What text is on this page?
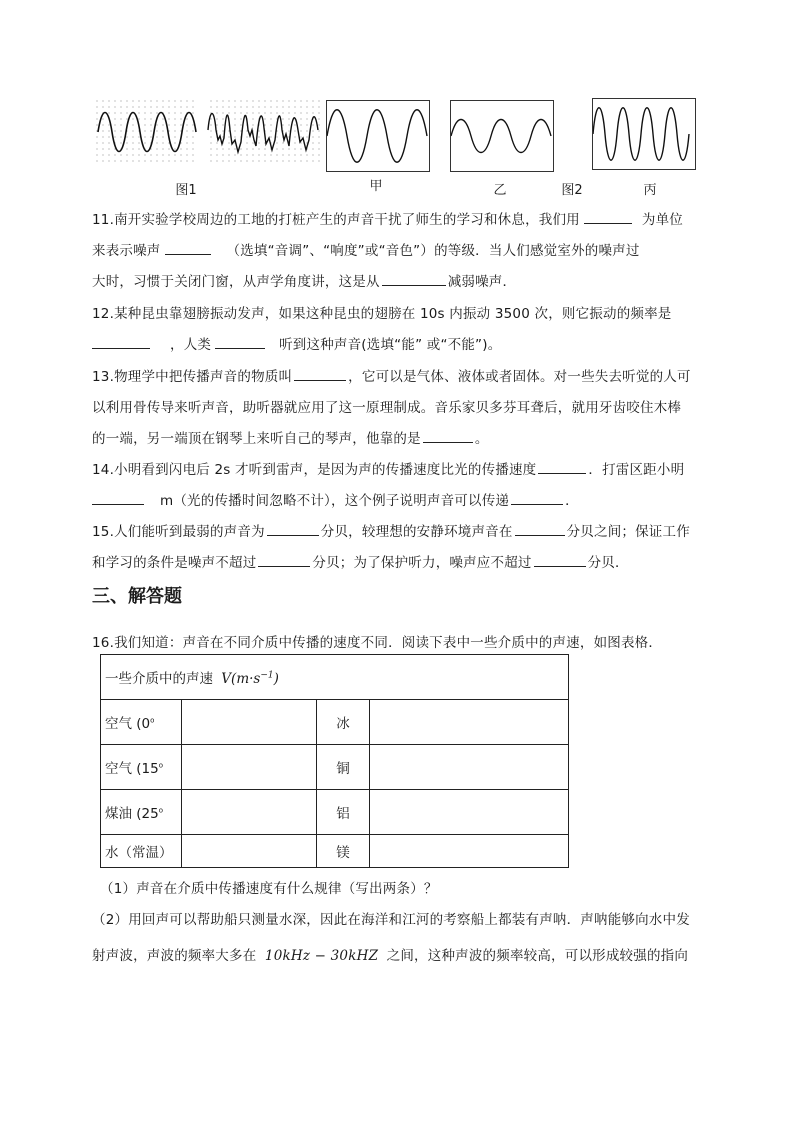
图1	甲	乙	图2	丙
11.南开实验学校周边的工地的打桩产生的声音干扰了师生的学习和休息，我们用	为单位
来表示噪声	（选填“音调”、“响度”或“音色”）的等级．当人们感觉室外的噪声过
大时，习惯于关闭门窗，从声学角度讲，这是从	减弱噪声．
12.某种昆虫靠翅膀振动发声，如果这种昆虫的翅膀在 10s 内振动 3500 次，则它振动的频率是
，人类	听到这种声音(选填“能” 或“不能”)。
13.物理学中把传播声音的物质叫	，它可以是气体、液体或者固体。对一些失去听觉的人可
以利用骨传导来听声音，助听器就应用了这一原理制成。音乐家贝多芬耳聋后，就用牙齿咬住木棒
的一端，另一端顶在钢琴上来听自己的琴声，他靠的是	。
14.小明看到闪电后 2s 才听到雷声，是因为声的传播速度比光的传播速度	．打雷区距小明
m（光的传播时间忽略不计），这个例子说明声音可以传递	．
15.人们能听到最弱的声音为	分贝，较理想的安静环境声音在	分贝之间；保证工作
和学习的条件是噪声不超过	分贝；为了保护听力，噪声应不超过	分贝．
三、解答题
16.我们知道：声音在不同介质中传播的速度不同．阅读下表中一些介质中的声速，如图表格．
一些介质中的声速 $V(m\cdot s^{-1})$			
空气 (0$^o$		冰	
空气 (15$^o$		铜	
煤油 (25$^o$		铝	
水（常温）		镁	
（1）声音在介质中传播速度有什么规律（写出两条）？
（2）用回声可以帮助船只测量水深，因此在海洋和江河的考察船上都装有声呐．声呐能够向水中发
射声波，声波的频率大多在 10kHz − 30kHZ 之间，这种声波的频率较高，可以形成较强的指向
